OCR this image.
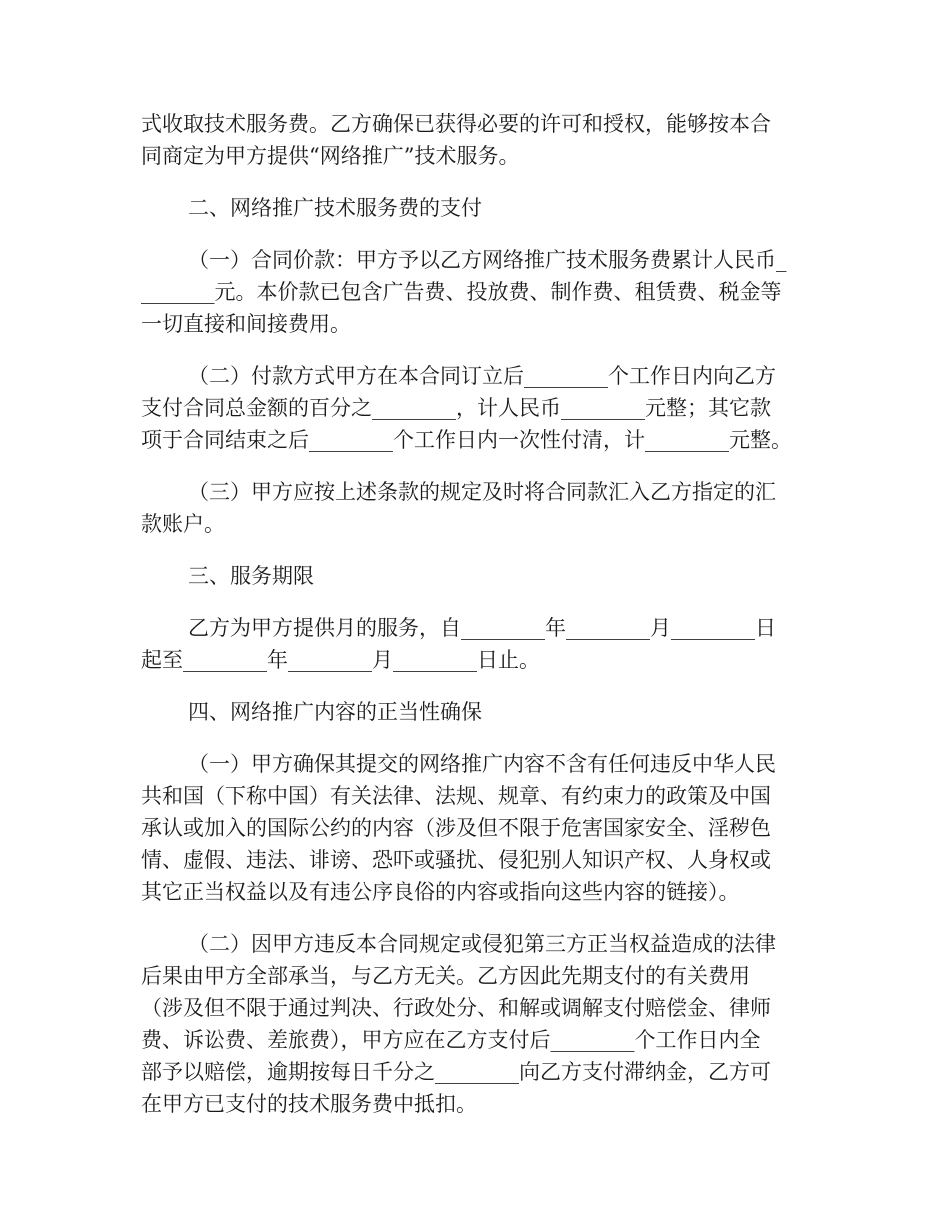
式收取技术服务费。乙方确保已获得必要的许可和授权，能够按本合
同商定为甲方提供“网络推广”技术服务。
二、网络推广技术服务费的支付
（一）合同价款：甲方予以乙方网络推广技术服务费累计人民币_
_______元。本价款已包含广告费、投放费、制作费、租赁费、税金等
一切直接和间接费用。
（二）付款方式甲方在本合同订立后________个工作日内向乙方
支付合同总金额的百分之________，计人民币________元整；其它款
项于合同结束之后________个工作日内一次性付清，计________元整。
（三）甲方应按上述条款的规定及时将合同款汇入乙方指定的汇
款账户。
三、服务期限
乙方为甲方提供月的服务，自________年________月________日
起至________年________月________日止。
四、网络推广内容的正当性确保
（一）甲方确保其提交的网络推广内容不含有任何违反中华人民
共和国（下称中国）有关法律、法规、规章、有约束力的政策及中国
承认或加入的国际公约的内容（涉及但不限于危害国家安全、淫秽色
情、虚假、违法、诽谤、恐吓或骚扰、侵犯别人知识产权、人身权或
其它正当权益以及有违公序良俗的内容或指向这些内容的链接）。
（二）因甲方违反本合同规定或侵犯第三方正当权益造成的法律
后果由甲方全部承当，与乙方无关。乙方因此先期支付的有关费用
（涉及但不限于通过判决、行政处分、和解或调解支付赔偿金、律师
费、诉讼费、差旅费），甲方应在乙方支付后________个工作日内全
部予以赔偿，逾期按每日千分之________向乙方支付滞纳金，乙方可
在甲方已支付的技术服务费中抵扣。
